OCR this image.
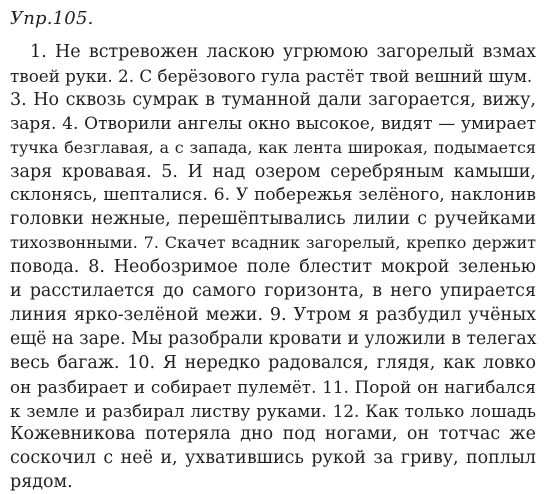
Упр.105.
1. Не встревожен ласкою угрюмою загорелый взмах
твоей руки. 2. С берёзового гула растёт твой вешний шум.
3. Но сквозь сумрак в туманной дали загорается, вижу,
заря. 4. Отворили ангелы окно высокое, видят — умирает
тучка безглавая, а с запада, как лента широкая, подымается
заря кровавая. 5. И над озером серебряным камыши,
склонясь, шепталися. 6. У побережья зелёного, наклонив
головки нежные, перешёптывались лилии с ручейками
тихозвонными. 7. Скачет всадник загорелый, крепко держит
повода. 8. Необозримое поле блестит мокрой зеленью
и расстилается до самого горизонта, в него упирается
линия ярко-зелёной межи. 9. Утром я разбудил учёных
ещё на заре. Мы разобрали кровати и уложили в телегах
весь багаж. 10. Я нередко радовался, глядя, как ловко
он разбирает и собирает пулемёт. 11. Порой он нагибался
к земле и разбирал листву руками. 12. Как только лошадь
Кожевникова потеряла дно под ногами, он тотчас же
соскочил с неё и, ухватившись рукой за гриву, поплыл
рядом.
